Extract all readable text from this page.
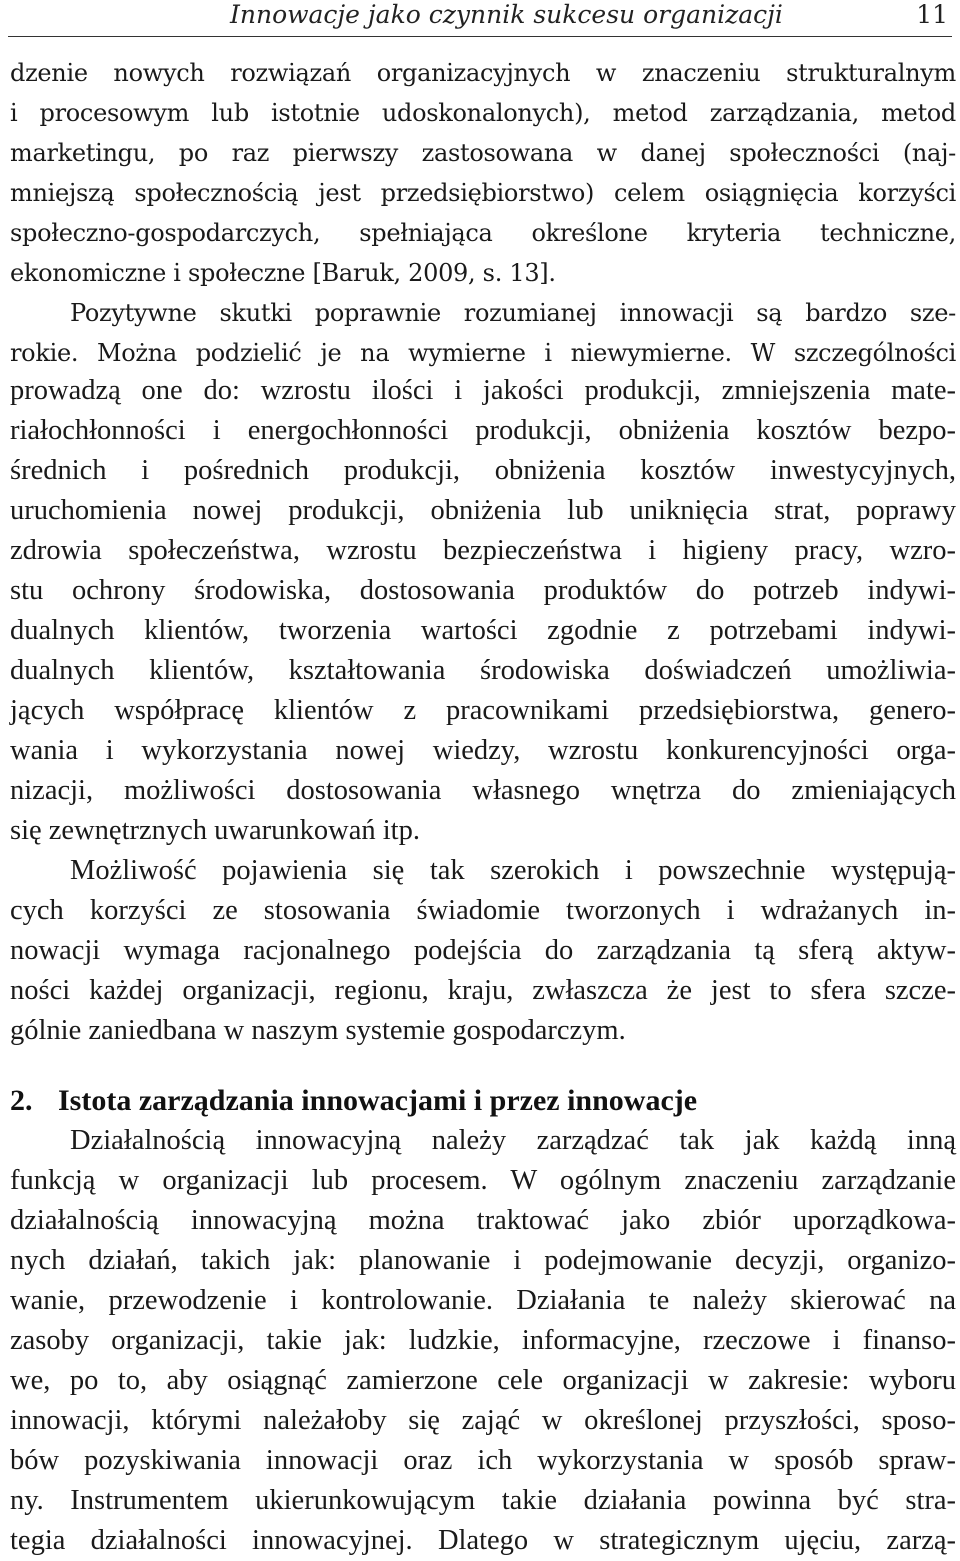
Innowacje jako czynnik sukcesu organizacji	11
dzenie nowych rozwiązań organizacyjnych w znaczeniu strukturalnym
i procesowym lub istotnie udoskonalonych), metod zarządzania, metod
marketingu, po raz pierwszy zastosowana w danej społeczności (naj-
mniejszą społecznością jest przedsiębiorstwo) celem osiągnięcia korzyści
społeczno-gospodarczych, spełniająca określone kryteria techniczne,
ekonomiczne i społeczne [Baruk, 2009, s. 13].
Pozytywne skutki poprawnie rozumianej innowacji są bardzo sze-
rokie. Można podzielić je na wymierne i niewymierne. W szczególności
prowadzą one do: wzrostu ilości i jakości produkcji, zmniejszenia mate-
riałochłonności i energochłonności produkcji, obniżenia kosztów bezpo-
średnich i pośrednich produkcji, obniżenia kosztów inwestycyjnych,
uruchomienia nowej produkcji, obniżenia lub uniknięcia strat, poprawy
zdrowia społeczeństwa, wzrostu bezpieczeństwa i higieny pracy, wzro-
stu ochrony środowiska, dostosowania produktów do potrzeb indywi-
dualnych klientów, tworzenia wartości zgodnie z potrzebami indywi-
dualnych klientów, kształtowania środowiska doświadczeń umożliwia-
jących współpracę klientów z pracownikami przedsiębiorstwa, genero-
wania i wykorzystania nowej wiedzy, wzrostu konkurencyjności orga-
nizacji, możliwości dostosowania własnego wnętrza do zmieniających
się zewnętrznych uwarunkowań itp.
Możliwość pojawienia się tak szerokich i powszechnie występują-
cych korzyści ze stosowania świadomie tworzonych i wdrażanych in-
nowacji wymaga racjonalnego podejścia do zarządzania tą sferą aktyw-
ności każdej organizacji, regionu, kraju, zwłaszcza że jest to sfera szcze-
gólnie zaniedbana w naszym systemie gospodarczym.
2. Istota zarządzania innowacjami i przez innowacje
Działalnością innowacyjną należy zarządzać tak jak każdą inną
funkcją w organizacji lub procesem. W ogólnym znaczeniu zarządzanie
działalnością innowacyjną można traktować jako zbiór uporządkowa-
nych działań, takich jak: planowanie i podejmowanie decyzji, organizo-
wanie, przewodzenie i kontrolowanie. Działania te należy skierować na
zasoby organizacji, takie jak: ludzkie, informacyjne, rzeczowe i finanso-
we, po to, aby osiągnąć zamierzone cele organizacji w zakresie: wyboru
innowacji, którymi należałoby się zająć w określonej przyszłości, sposo-
bów pozyskiwania innowacji oraz ich wykorzystania w sposób spraw-
ny. Instrumentem ukierunkowującym takie działania powinna być stra-
tegia działalności innowacyjnej. Dlatego w strategicznym ujęciu, zarzą-
